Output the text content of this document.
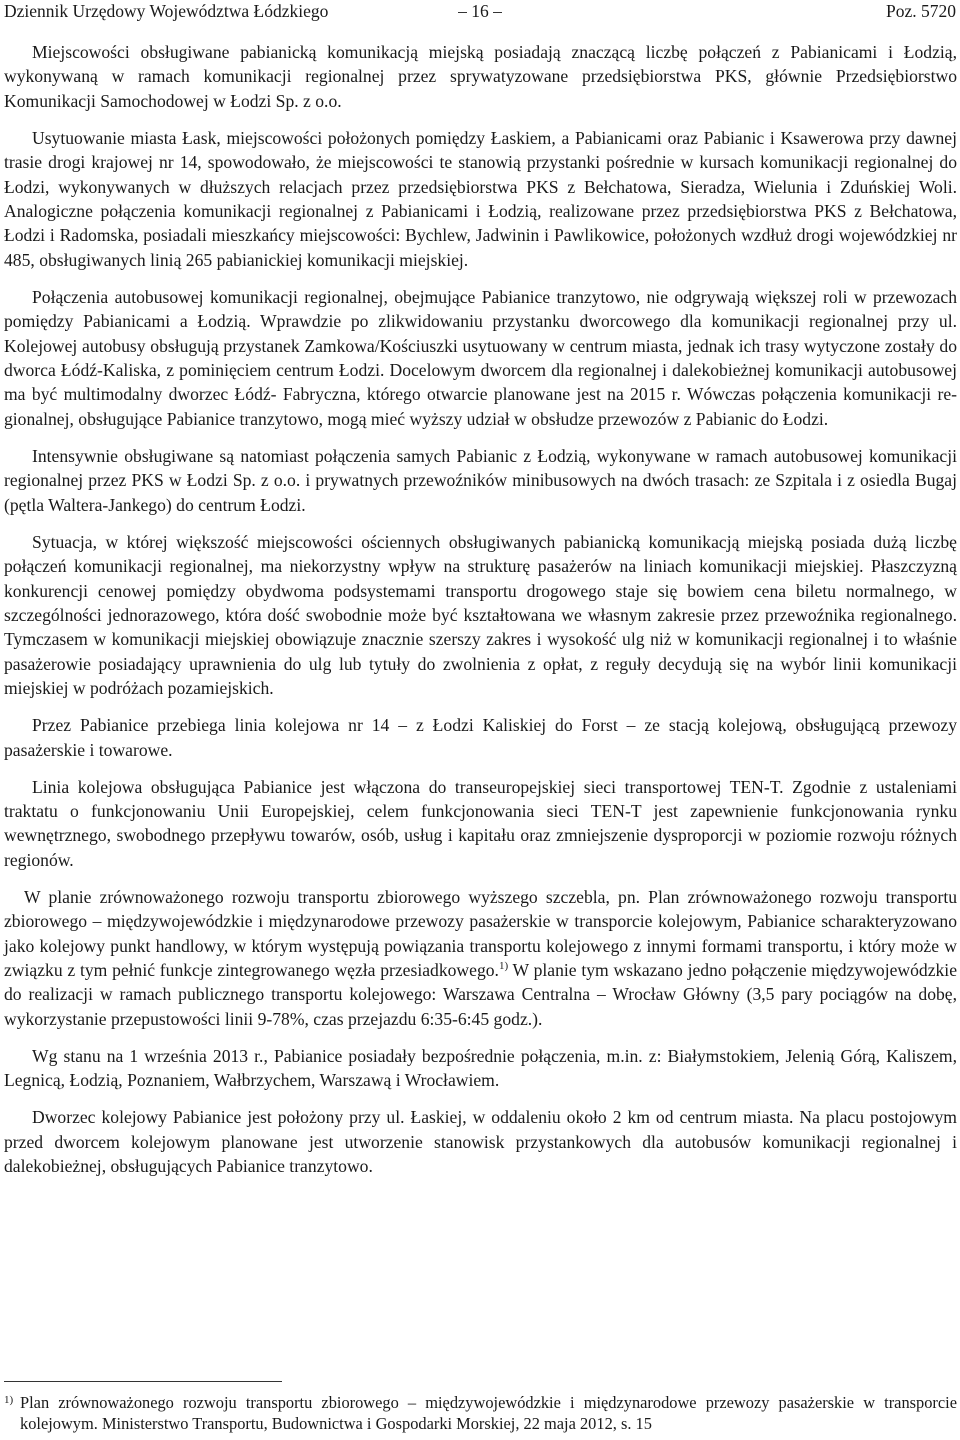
Dziennik Urzędowy Województwa Łódzkiego	– 16 –	Poz. 5720

Miejscowości obsługiwane pabianicką komunikacją miejską posiadają znaczącą liczbę połączeń z Pabianicami i Łodzią, wykonywaną w ramach komunikacji regionalnej przez sprywatyzowane przedsiębiorstwa PKS, głównie Przedsiębiorstwo Komunikacji Samochodowej w Łodzi Sp. z o.o.

Usytuowanie miasta Łask, miejscowości położonych pomiędzy Łaskiem, a Pabianicami oraz Pabianic i Ksawerowa przy dawnej trasie drogi krajowej nr 14, spowodowało, że miejscowości te stanowią przystanki pośrednie w kursach komunikacji regionalnej do Łodzi, wykonywanych w dłuższych relacjach przez przedsiębiorstwa PKS z Bełchatowa, Sieradza, Wielunia i Zduńskiej Woli. Analogiczne połączenia komunikacji regionalnej z Pabianicami i Łodzią, realizowane przez przedsiębiorstwa PKS z Bełchatowa, Łodzi i Radomska, posiadali mieszkańcy miejscowości: Bychlew, Jadwinin i Pawlikowice, położonych wzdłuż drogi wojewódzkiej nr 485, obsługiwanych linią 265 pabianickiej komunikacji miejskiej.

Połączenia autobusowej komunikacji regionalnej, obejmujące Pabianice tranzytowo, nie odgrywają większej roli w przewozach pomiędzy Pabianicami a Łodzią. Wprawdzie po zlikwidowaniu przystanku dworcowego dla komunikacji regionalnej przy ul. Kolejowej autobusy obsługują przystanek Zamkowa/Kościuszki usytuowany w centrum miasta, jednak ich trasy wytyczone zostały do dworca Łódź-Kaliska, z pominięciem centrum Łodzi. Docelowym dworcem dla regionalnej i dalekobieżnej komunikacji autobusowej ma być multimodalny dworzec Łódź- Fabryczna, którego otwarcie planowane jest na 2015 r. Wówczas połączenia komunikacji regionalnej, obsługujące Pabianice tranzytowo, mogą mieć wyższy udział w obsłudze przewozów z Pabianic do Łodzi.

Intensywnie obsługiwane są natomiast połączenia samych Pabianic z Łodzią, wykonywane w ramach autobusowej komunikacji regionalnej przez PKS w Łodzi Sp. z o.o. i prywatnych przewoźników minibusowych na dwóch trasach: ze Szpitala i z osiedla Bugaj (pętla Waltera-Jankego) do centrum Łodzi.

Sytuacja, w której większość miejscowości ościennych obsługiwanych pabianicką komunikacją miejską posiada dużą liczbę połączeń komunikacji regionalnej, ma niekorzystny wpływ na strukturę pasażerów na liniach komunikacji miejskiej. Płaszczyzną konkurencji cenowej pomiędzy obydwoma podsystemami transportu drogowego staje się bowiem cena biletu normalnego, w szczególności jednorazowego, która dość swobodnie może być kształtowana we własnym zakresie przez przewoźnika regionalnego. Tymczasem w komunikacji miejskiej obowiązuje znacznie szerszy zakres i wysokość ulg niż w komunikacji regionalnej i to właśnie pasażerowie posiadający uprawnienia do ulg lub tytuły do zwolnienia z opłat, z reguły decydują się na wybór linii komunikacji miejskiej w podróżach pozamiejskich.

Przez Pabianice przebiega linia kolejowa nr 14 – z Łodzi Kaliskiej do Forst – ze stacją kolejową, obsługującą przewozy pasażerskie i towarowe.

Linia kolejowa obsługująca Pabianice jest włączona do transeuropejskiej sieci transportowej TEN-T. Zgodnie z ustaleniami traktatu o funkcjonowaniu Unii Europejskiej, celem funkcjonowania sieci TEN-T jest zapewnienie funkcjonowania rynku wewnętrznego, swobodnego przepływu towarów, osób, usług i kapitału oraz zmniejszenie dysproporcji w poziomie rozwoju różnych regionów.

W planie zrównoważonego rozwoju transportu zbiorowego wyższego szczebla, pn. Plan zrównoważonego rozwoju transportu zbiorowego – międzywojewódzkie i międzynarodowe przewozy pasażerskie w transporcie kolejowym, Pabianice scharakteryzowano jako kolejowy punkt handlowy, w którym występują powiązania transportu kolejowego z innymi formami transportu, i który może w związku z tym pełnić funkcje zintegrowanego węzła przesiadkowego.$^{1)}$ W planie tym wskazano jedno połączenie międzywojewódzkie do realizacji w ramach publicznego transportu kolejowego: Warszawa Centralna – Wrocław Główny (3,5 pary pociągów na dobę, wykorzystanie przepustowości linii 9-78%, czas przejazdu 6:35-6:45 godz.).

Wg stanu na 1 września 2013 r., Pabianice posiadały bezpośrednie połączenia, m.in. z: Białymstokiem, Jelenią Górą, Kaliszem, Legnicą, Łodzią, Poznaniem, Wałbrzychem, Warszawą i Wrocławiem.

Dworzec kolejowy Pabianice jest położony przy ul. Łaskiej, w oddaleniu około 2 km od centrum miasta. Na placu postojowym przed dworcem kolejowym planowane jest utworzenie stanowisk przystankowych dla autobusów komunikacji regionalnej i dalekobieżnej, obsługujących Pabianice tranzytowo.

1) Plan zrównoważonego rozwoju transportu zbiorowego – międzywojewódzkie i międzynarodowe przewozy pasażerskie w transporcie kolejowym. Ministerstwo Transportu, Budownictwa i Gospodarki Morskiej, 22 maja 2012, s. 15
